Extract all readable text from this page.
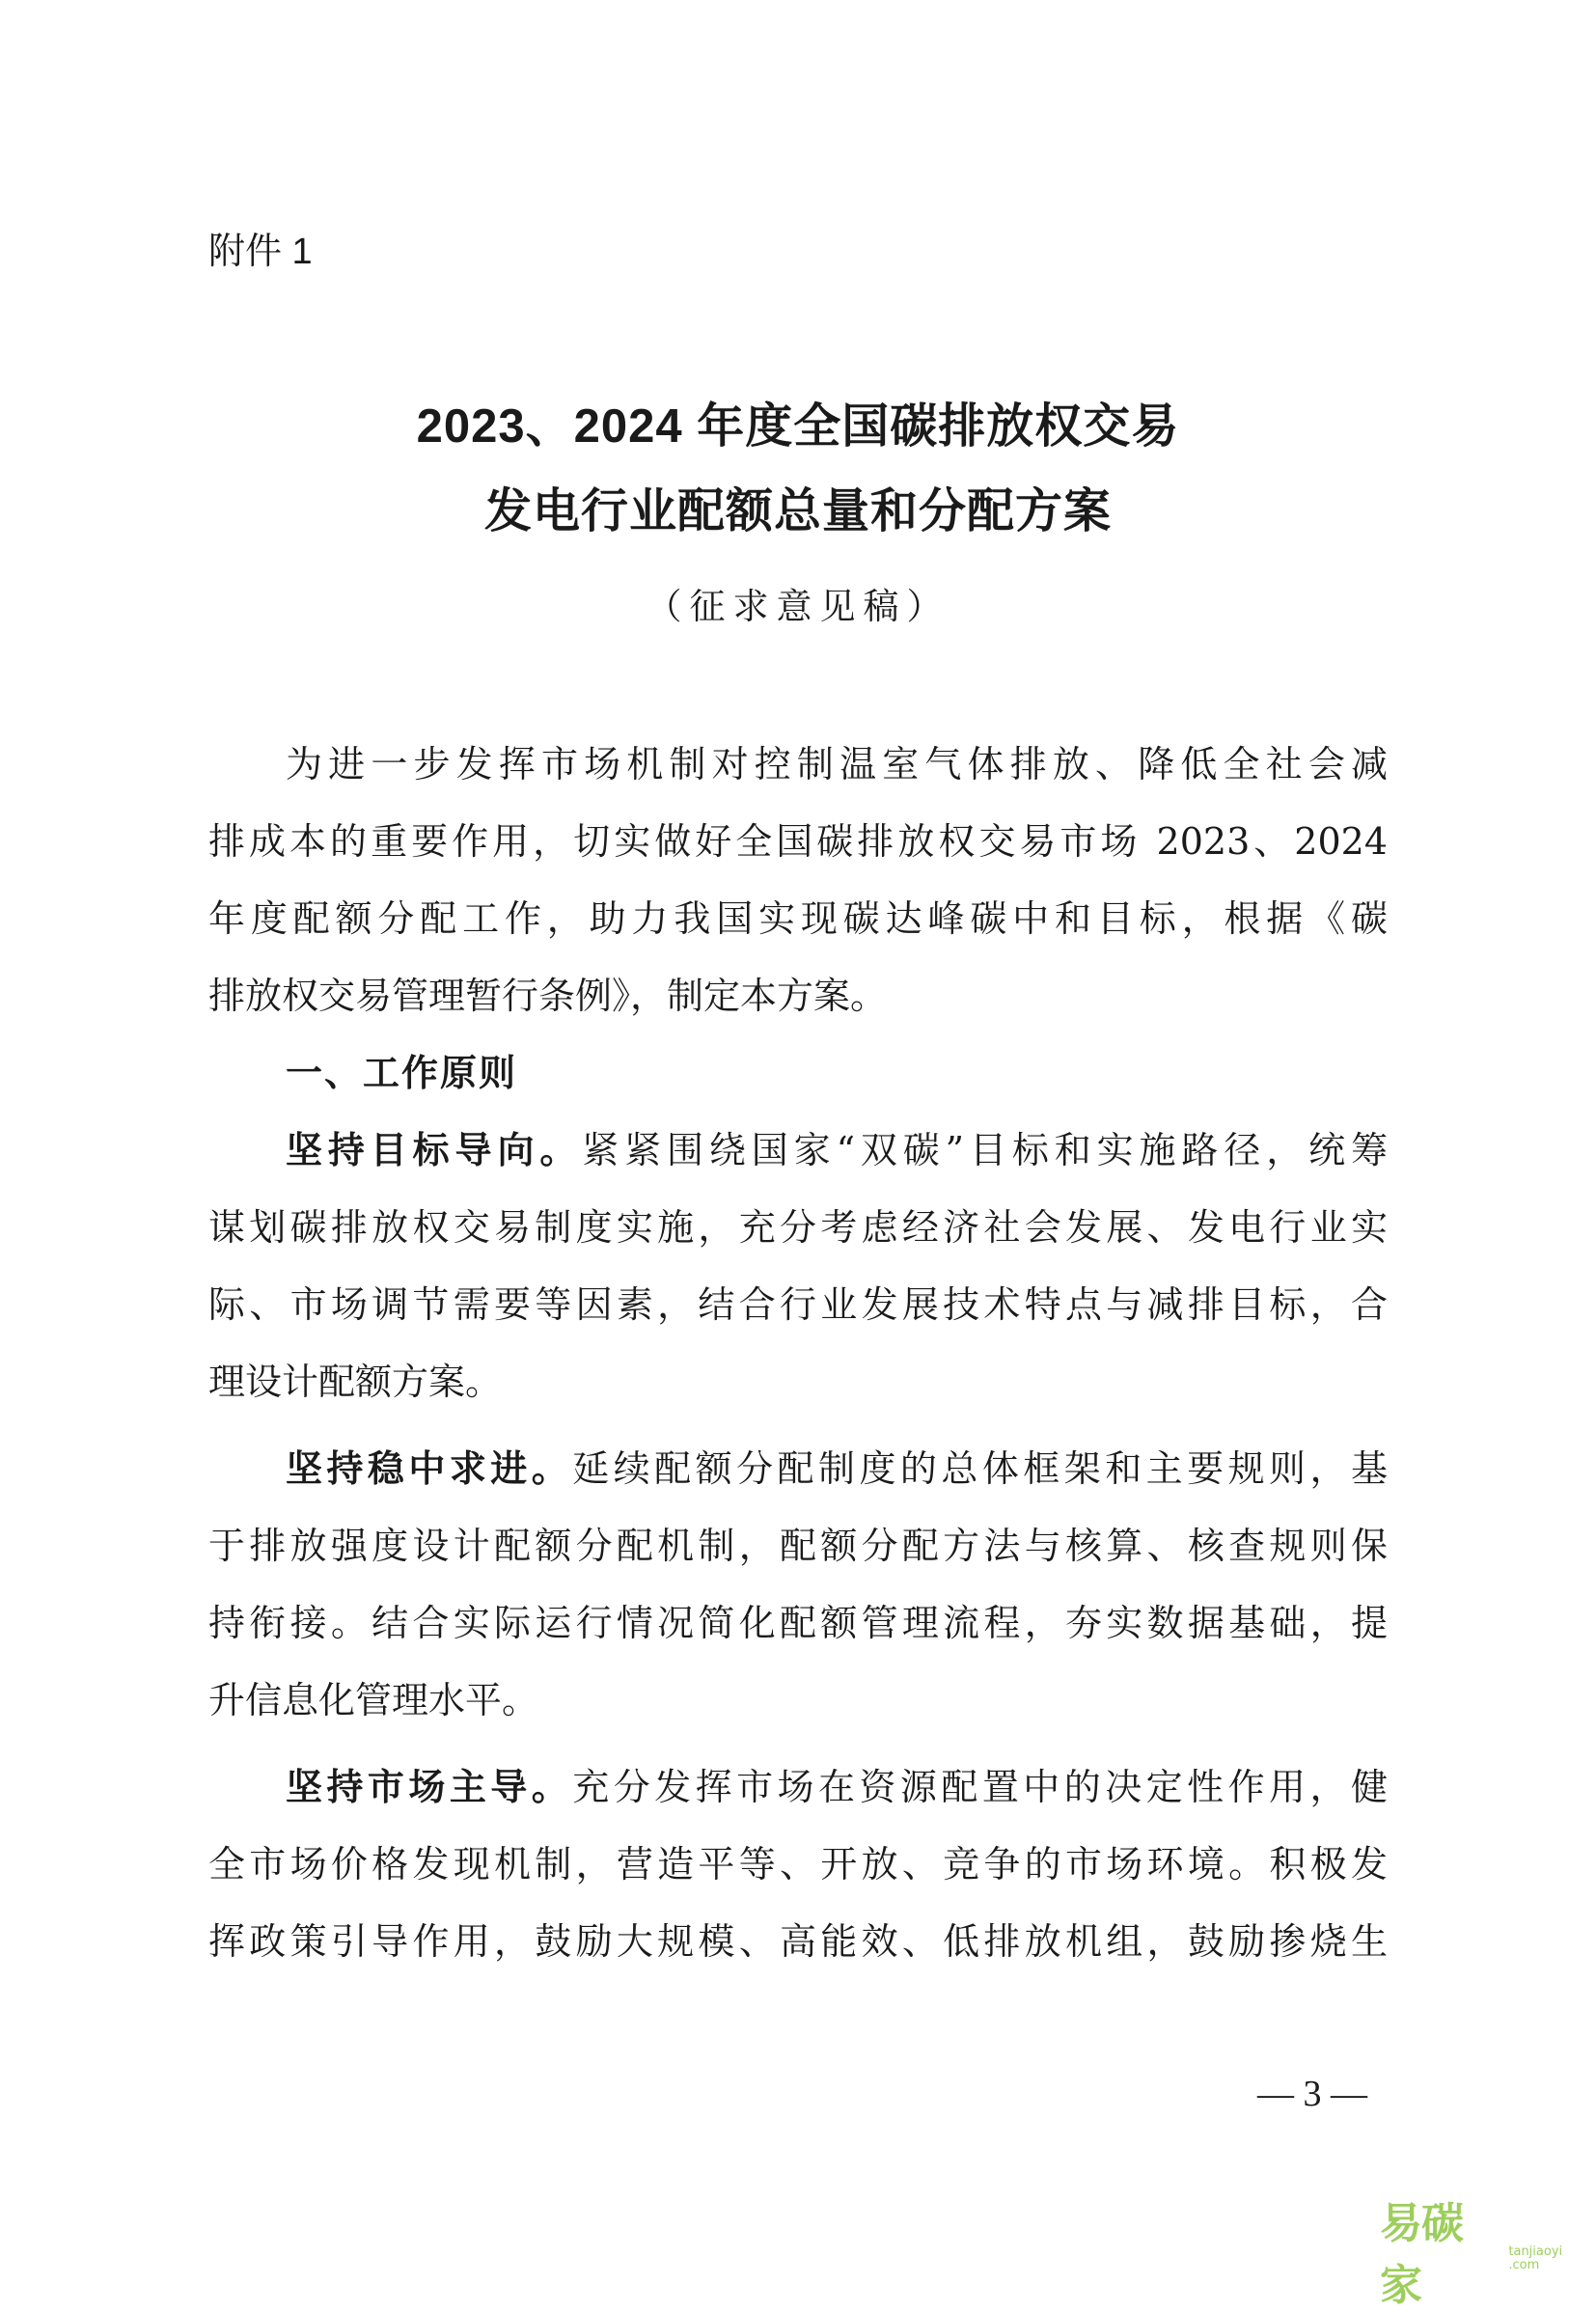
附件 1
2023、2024 年度全国碳排放权交易
发电行业配额总量和分配方案
（征求意见稿）
为进一步发挥市场机制对控制温室气体排放、降低全社会减
排成本的重要作用，切实做好全国碳排放权交易市场 2023、2024
年度配额分配工作，助力我国实现碳达峰碳中和目标，根据《碳
排放权交易管理暂行条例》，制定本方案。
一、工作原则
坚持目标导向。紧紧围绕国家“双碳”目标和实施路径，统筹
谋划碳排放权交易制度实施，充分考虑经济社会发展、发电行业实
际、市场调节需要等因素，结合行业发展技术特点与减排目标，合
理设计配额方案。
坚持稳中求进。延续配额分配制度的总体框架和主要规则，基
于排放强度设计配额分配机制，配额分配方法与核算、核查规则保
持衔接。结合实际运行情况简化配额管理流程，夯实数据基础，提
升信息化管理水平。
坚持市场主导。充分发挥市场在资源配置中的决定性作用，健
全市场价格发现机制，营造平等、开放、竞争的市场环境。积极发
挥政策引导作用，鼓励大规模、高能效、低排放机组，鼓励掺烧生
— 3 —
易碳家
tanjiaoyi .com
